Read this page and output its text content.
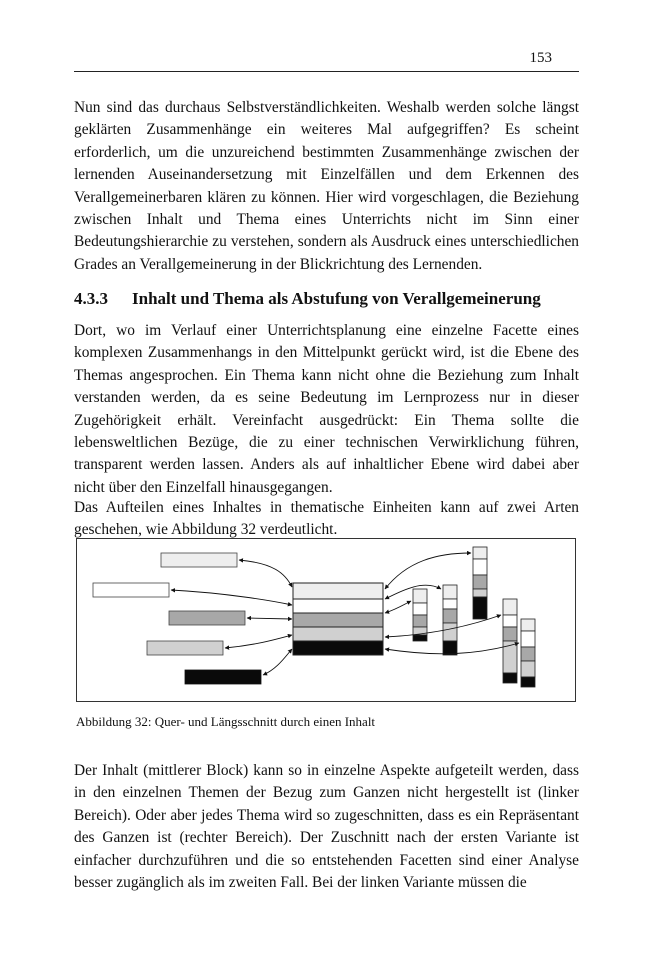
153

Nun sind das durchaus Selbstverständlichkeiten. Weshalb werden solche längst geklärten Zusammenhänge ein weiteres Mal aufgegriffen? Es scheint erforderlich, um die unzureichend bestimmten Zusammenhänge zwischen der lernenden Auseinandersetzung mit Einzelfällen und dem Erkennen des Verallgemeinerbaren klären zu können. Hier wird vorgeschlagen, die Beziehung zwischen Inhalt und Thema eines Unterrichts nicht im Sinn einer Bedeutungshierarchie zu verstehen, sondern als Ausdruck eines unterschiedlichen Grades an Verallgemeinerung in der Blickrichtung des Lernenden.

4.3.3 Inhalt und Thema als Abstufung von Verallgemeinerung

Dort, wo im Verlauf einer Unterrichtsplanung eine einzelne Facette eines komplexen Zusammenhangs in den Mittelpunkt gerückt wird, ist die Ebene des Themas angesprochen. Ein Thema kann nicht ohne die Beziehung zum Inhalt verstanden werden, da es seine Bedeutung im Lernprozess nur in dieser Zugehörigkeit erhält. Vereinfacht ausgedrückt: Ein Thema sollte die lebensweltlichen Bezüge, die zu einer technischen Verwirklichung führen, transparent werden lassen. Anders als auf inhaltlicher Ebene wird dabei aber nicht über den Einzelfall hinausgegangen.

Das Aufteilen eines Inhaltes in thematische Einheiten kann auf zwei Arten geschehen, wie Abbildung 32 verdeutlicht.

Abbildung 32: Quer- und Längsschnitt durch einen Inhalt

Der Inhalt (mittlerer Block) kann so in einzelne Aspekte aufgeteilt werden, dass in den einzelnen Themen der Bezug zum Ganzen nicht hergestellt ist (linker Bereich). Oder aber jedes Thema wird so zugeschnitten, dass es ein Repräsentant des Ganzen ist (rechter Bereich). Der Zuschnitt nach der ersten Variante ist einfacher durchzuführen und die so entstehenden Facetten sind einer Analyse besser zugänglich als im zweiten Fall. Bei der linken Variante müssen die
